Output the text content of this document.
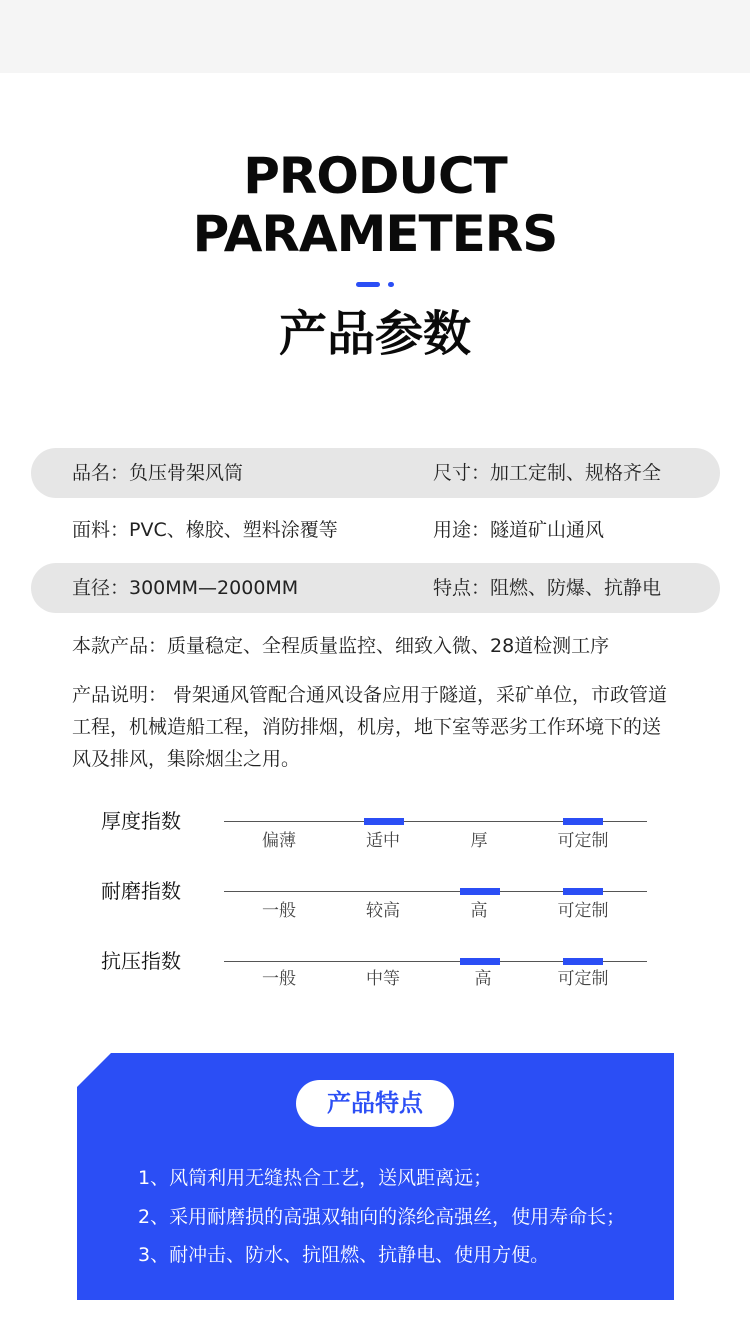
PRODUCT
PARAMETERS
产品参数
品名：负压骨架风筒	尺寸：加工定制、规格齐全
面料：PVC、橡胶、塑料涂覆等	用途：隧道矿山通风
直径：300MM—2000MM	特点：阻燃、防爆、抗静电
本款产品：质量稳定、全程质量监控、细致入微、28道检测工序
产品说明： 骨架通风管配合通风设备应用于隧道，采矿单位，市政管道工程，机械造船工程，消防排烟，机房，地下室等恶劣工作环境下的送风及排风，集除烟尘之用。
厚度指数
偏薄	适中	厚	可定制
耐磨指数
一般	较高	高	可定制
抗压指数
一般	中等	高	可定制
产品特点
1、风筒利用无缝热合工艺，送风距离远；
2、采用耐磨损的高强双轴向的涤纶高强丝，使用寿命长；
3、耐冲击、防水、抗阻燃、抗静电、使用方便。
